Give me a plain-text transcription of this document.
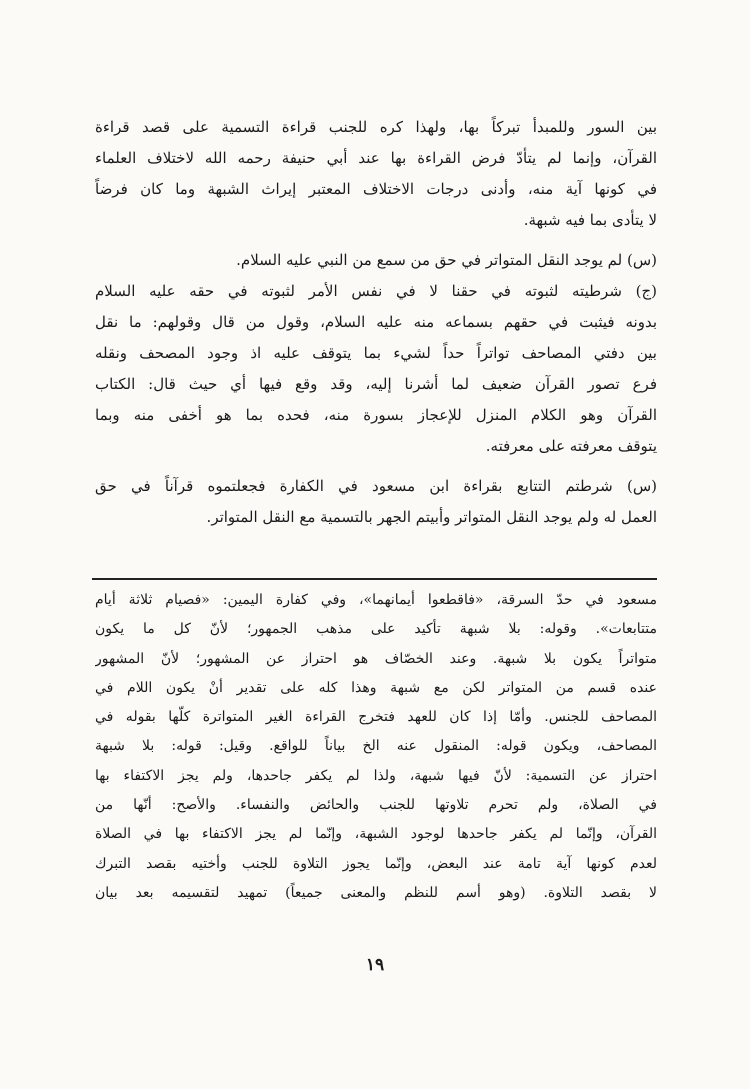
بين السور وللمبدأ تبركاً بها، ولهذا كره للجنب قراءة التسمية على قصد قراءة
القرآن، وإنما لم يتأدّ فرض القراءة بها عند أبي حنيفة رحمه الله لاختلاف العلماء
في كونها آية منه، وأدنى درجات الاختلاف المعتبر إيراث الشبهة وما كان فرضاً
لا يتأدى بما فيه شبهة.
(س) لم يوجد النقل المتواتر في حق من سمع من النبي عليه السلام.
(ج) شرطيته لثبوته في حقنا لا في نفس الأمر لثبوته في حقه عليه السلام
بدونه فيثبت في حقهم بسماعه منه عليه السلام، وقول من قال وقولهم: ما نقل
بين دفتي المصاحف تواتراً حداً لشيء بما يتوقف عليه اذ وجود المصحف ونقله
فرع تصور القرآن ضعيف لما أشرنا إليه، وقد وقع فيها أي حيث قال: الكتاب
القرآن وهو الكلام المنزل للإعجاز بسورة منه، فحده بما هو أخفى منه وبما
يتوقف معرفته على معرفته.
(س) شرطتم التتابع بقراءة ابن مسعود في الكفارة فجعلتموه قرآناً في حق
العمل له ولم يوجد النقل المتواتر وأبيتم الجهر بالتسمية مع النقل المتواتر.
مسعود في حدّ السرقة، «فاقطعوا أيمانهما»، وفي كفارة اليمين: «فصيام ثلاثة أيام
متتابعات». وقوله: بلا شبهة تأكيد على مذهب الجمهور؛ لأنّ كل ما يكون
متواتراً يكون بلا شبهة. وعند الخصّاف هو احتراز عن المشهور؛ لأنّ المشهور
عنده قسم من المتواتر لكن مع شبهة وهذا كله على تقدير أنْ يكون اللام في
المصاحف للجنس. وأمّا إذا كان للعهد فتخرج القراءة الغير المتواترة كلّها بقوله في
المصاحف، ويكون قوله: المنقول عنه الخ بياناً للواقع. وقيل: قوله: بلا شبهة
احتراز عن التسمية: لأنّ فيها شبهة، ولذا لم يكفر جاحدها، ولم يجز الاكتفاء بها
في الصلاة، ولم تحرم تلاوتها للجنب والحائض والنفساء. والأصح: أنّها من
القرآن، وإنّما لم يكفر جاحدها لوجود الشبهة، وإنّما لم يجز الاكتفاء بها في الصلاة
لعدم كونها آية تامة عند البعض، وإنّما يجوز التلاوة للجنب وأختيه بقصد التبرك
لا بقصد التلاوة. (وهو أسم للنظم والمعنى جميعاً) تمهيد لتقسيمه بعد بيان
١٩
